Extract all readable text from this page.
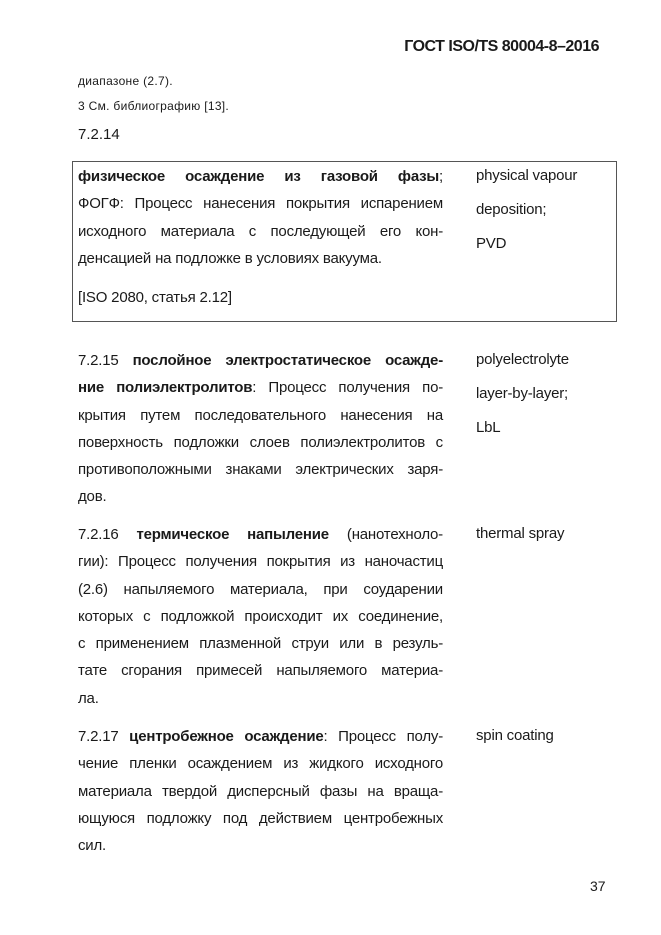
ГОСТ ISO/TS 80004-8–2016
диапазоне (2.7).
3 См. библиографию [13].
7.2.14
физическое осаждение из газовой фазы;
ФОГФ: Процесс нанесения покрытия испарением
исходного материала с последующей его кон-
денсацией на подложке в условиях вакуума.
[ISO 2080, статья 2.12]
physical vapour
deposition;
PVD
7.2.15 послойное электростатическое осажде-
ние полиэлектролитов: Процесс получения по-
крытия путем последовательного нанесения на
поверхность подложки слоев полиэлектролитов с
противоположными знаками электрических заря-
дов.
polyelectrolyte
layer-by-layer;
LbL
7.2.16 термическое напыление (нанотехноло-
гии): Процесс получения покрытия из наночастиц
(2.6) напыляемого материала, при соударении
которых с подложкой происходит их соединение,
с применением плазменной струи или в резуль-
тате сгорания примесей напыляемого материа-
ла.
thermal spray
7.2.17 центробежное осаждение: Процесс полу-
чение пленки осаждением из жидкого исходного
материала твердой дисперсный фазы на враща-
ющуюся подложку под действием центробежных
сил.
spin coating
37
